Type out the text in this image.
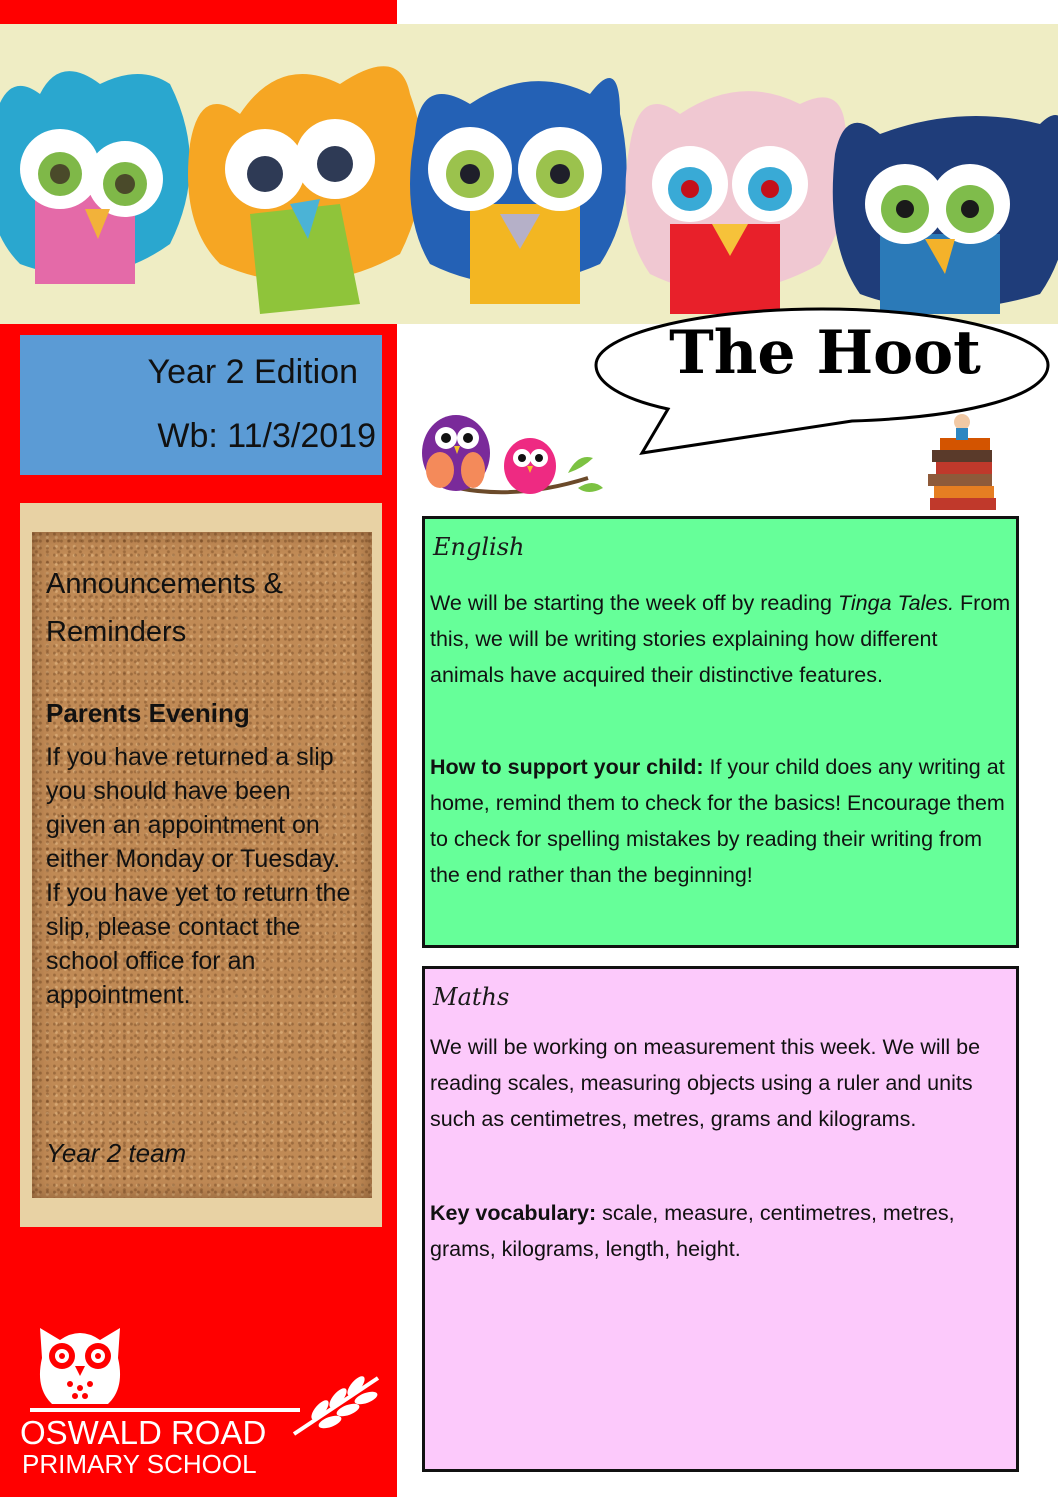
Year 2 Edition
Wb: 11/3/2019
The Hoot
English
We will be starting the week off by reading Tinga Tales. From this, we will be writing stories explaining how different animals have acquired their distinctive features.
How to support your child: If your child does any writing at home, remind them to check for the basics! Encourage them to check for spelling mistakes by reading their writing from the end rather than the beginning!
Maths
We will be working on measurement this week. We will be reading scales, measuring objects using a ruler and units such as centimetres, metres, grams and kilograms.
Key vocabulary: scale, measure, centimetres, metres, grams, kilograms, length, height.
Announcements & Reminders
Parents Evening
If you have returned a slip you should have been given an appointment on either Monday or Tuesday. If you have yet to return the slip, please contact the school office for an appointment.
Year 2 team
OSWALD ROAD
PRIMARY SCHOOL
